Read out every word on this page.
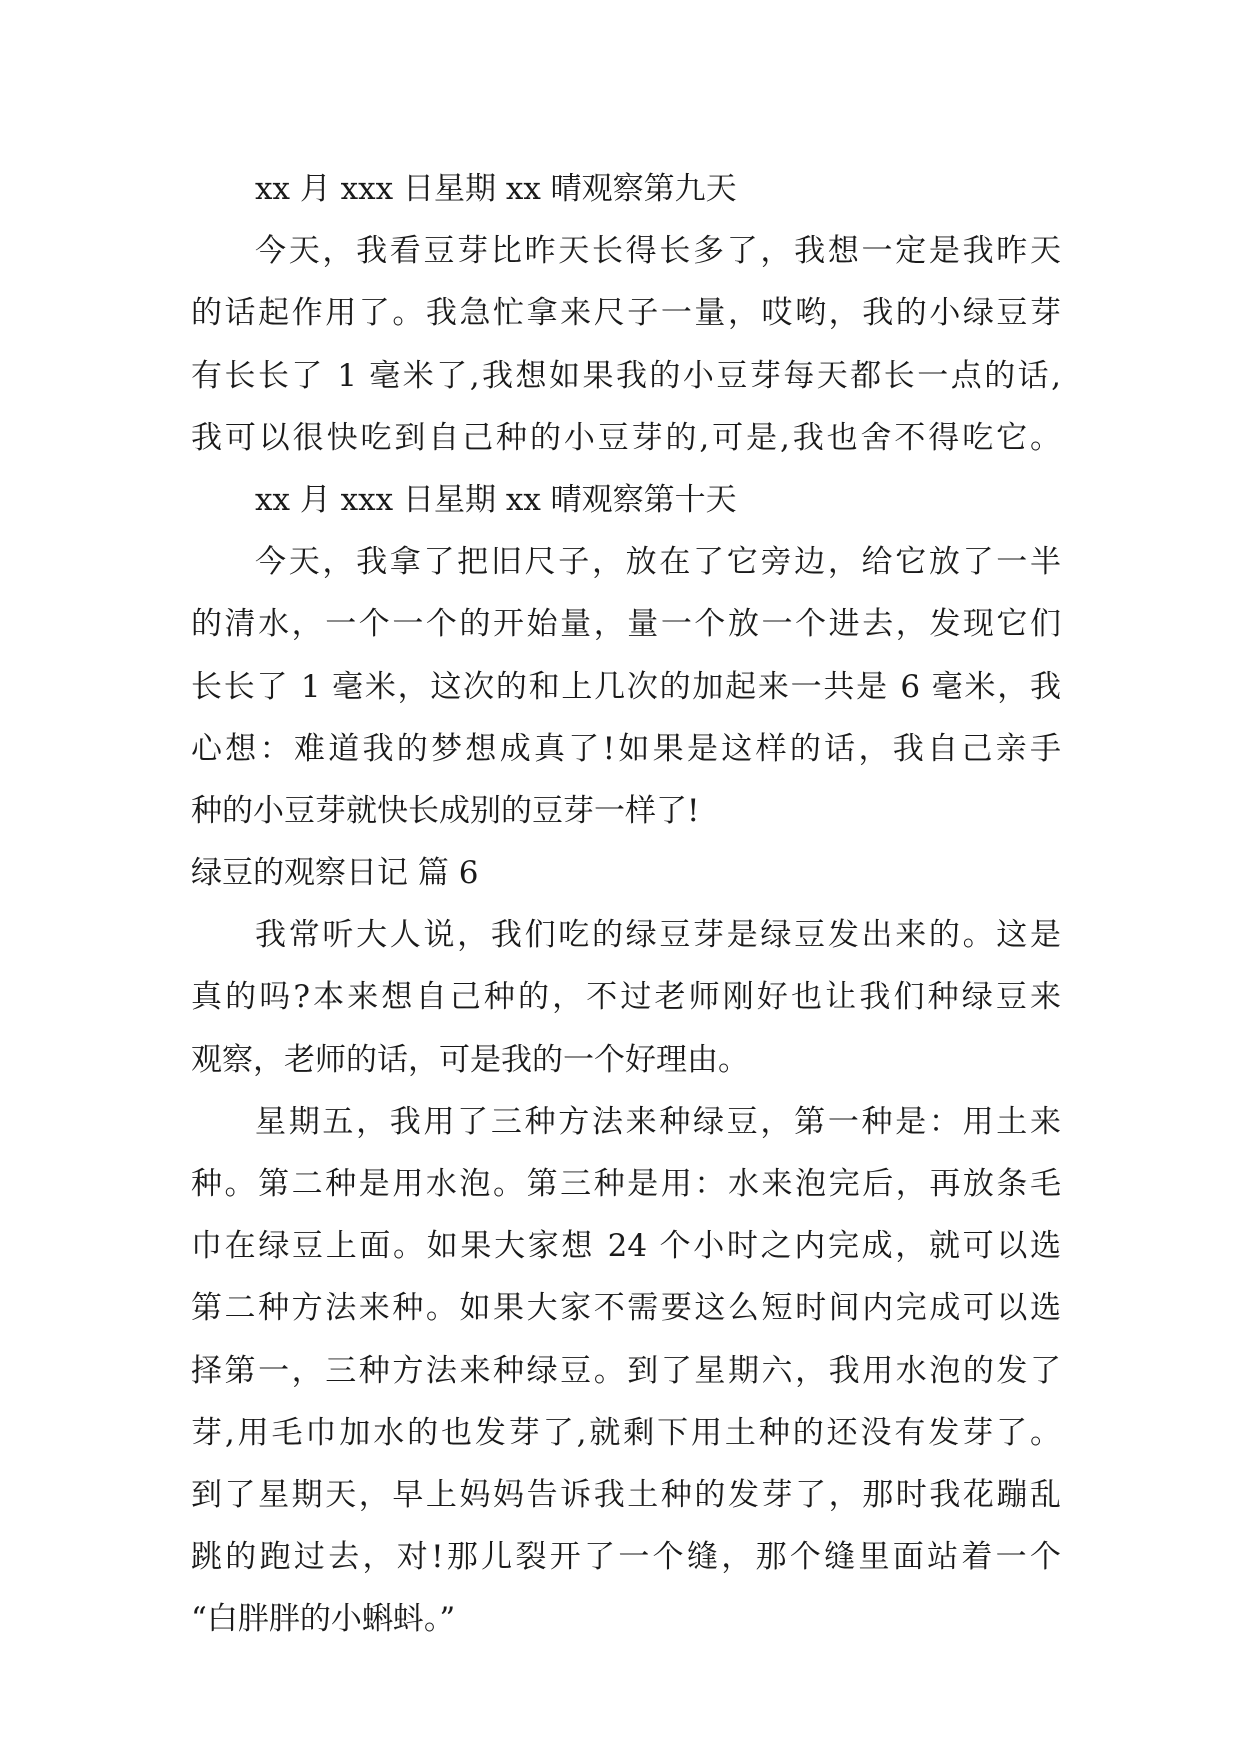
xx 月 xxx 日星期 xx 晴观察第九天
今天，我看豆芽比昨天长得长多了，我想一定是我昨天
的话起作用了。我急忙拿来尺子一量，哎哟，我的小绿豆芽
有长长了 1 毫米了,我想如果我的小豆芽每天都长一点的话,
我可以很快吃到自己种的小豆芽的,可是,我也舍不得吃它。
xx 月 xxx 日星期 xx 晴观察第十天
今天，我拿了把旧尺子，放在了它旁边，给它放了一半
的清水，一个一个的开始量，量一个放一个进去，发现它们
长长了 1 毫米，这次的和上几次的加起来一共是 6 毫米，我
心想：难道我的梦想成真了!如果是这样的话，我自己亲手
种的小豆芽就快长成别的豆芽一样了!
绿豆的观察日记 篇 6
我常听大人说，我们吃的绿豆芽是绿豆发出来的。这是
真的吗?本来想自己种的，不过老师刚好也让我们种绿豆来
观察，老师的话，可是我的一个好理由。
星期五，我用了三种方法来种绿豆，第一种是：用土来
种。第二种是用水泡。第三种是用：水来泡完后，再放条毛
巾在绿豆上面。如果大家想 24 个小时之内完成，就可以选
第二种方法来种。如果大家不需要这么短时间内完成可以选
择第一，三种方法来种绿豆。到了星期六，我用水泡的发了
芽,用毛巾加水的也发芽了,就剩下用土种的还没有发芽了。
到了星期天，早上妈妈告诉我土种的发芽了，那时我花蹦乱
跳的跑过去，对!那儿裂开了一个缝，那个缝里面站着一个
“白胖胖的小蝌蚪。”
